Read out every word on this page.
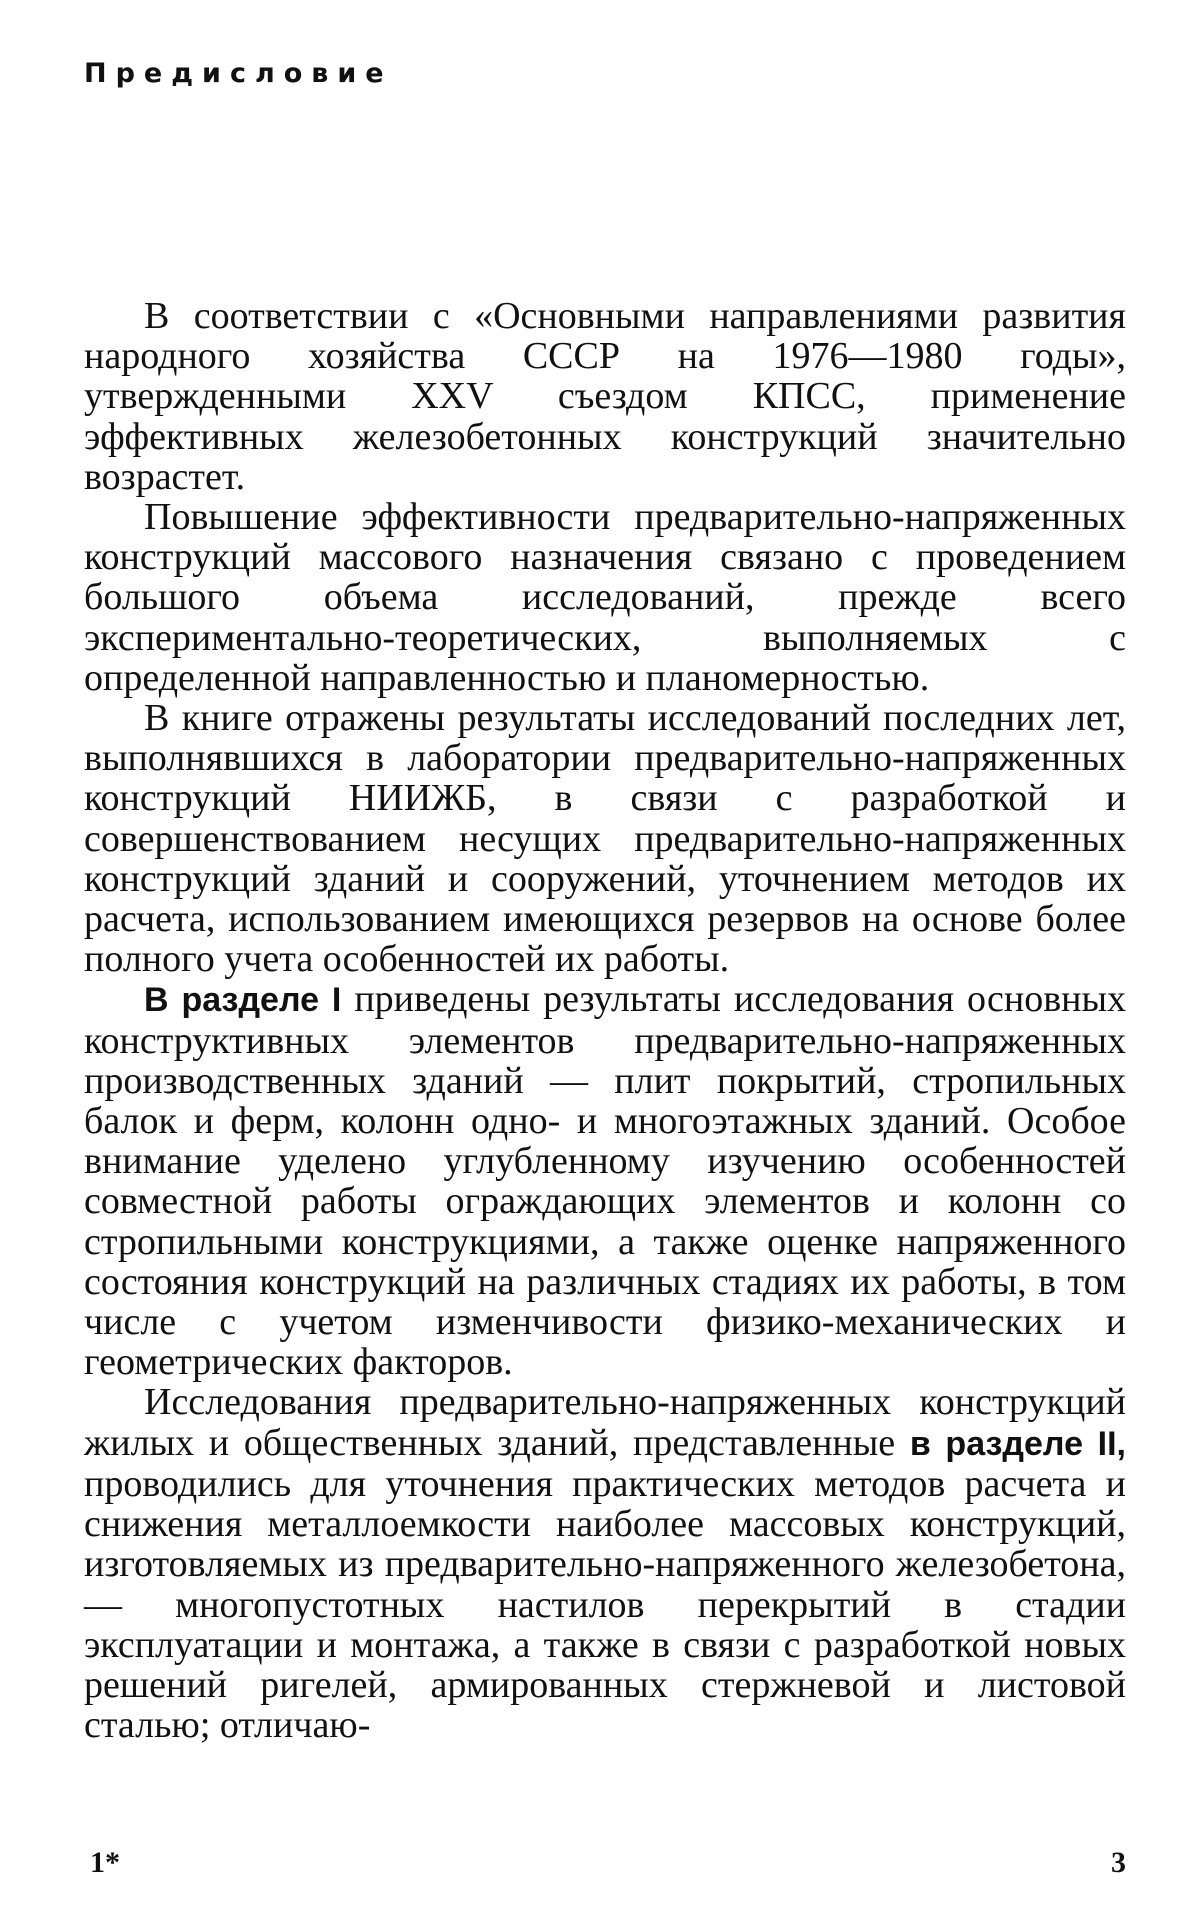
Предисловие

В соответствии с «Основными направлениями развития народного хозяйства СССР на 1976—1980 годы», утвержденными XXV съездом КПСС, применение эффективных железобетонных конструкций значительно возрастет.

Повышение эффективности предварительно-напряженных конструкций массового назначения связано с проведением большого объема исследований, прежде всего экспериментально-теоретических, выполняемых с определенной направленностью и планомерностью.

В книге отражены результаты исследований последних лет, выполнявшихся в лаборатории предварительно-напряженных конструкций НИИЖБ, в связи с разработкой и совершенствованием несущих предварительно-напряженных конструкций зданий и сооружений, уточнением методов их расчета, использованием имеющихся резервов на основе более полного учета особенностей их работы.

В разделе I приведены результаты исследования основных конструктивных элементов предварительно-напряженных производственных зданий — плит покрытий, стропильных балок и ферм, колонн одно- и многоэтажных зданий. Особое внимание уделено углубленному изучению особенностей совместной работы ограждающих элементов и колонн со стропильными конструкциями, а также оценке напряженного состояния конструкций на различных стадиях их работы, в том числе с учетом изменчивости физико-механических и геометрических факторов.

Исследования предварительно-напряженных конструкций жилых и общественных зданий, представленные в разделе II, проводились для уточнения практических методов расчета и снижения металлоемкости наиболее массовых конструкций, изготовляемых из предварительно-напряженного железобетона, — многопустотных настилов перекрытий в стадии эксплуатации и монтажа, а также в связи с разработкой новых решений ригелей, армированных стержневой и листовой сталью; отличаю-

1*	3
